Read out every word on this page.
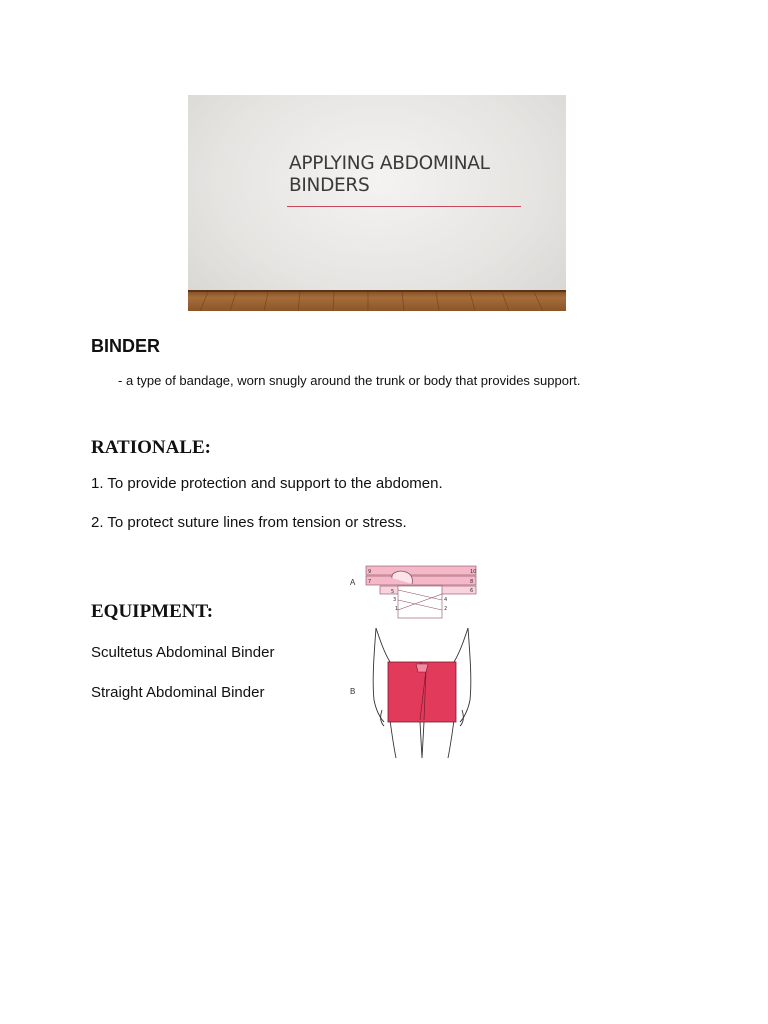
APPLYING ABDOMINAL
BINDERS
BINDER

- a type of bandage, worn snugly around the trunk or body that provides support.

RATIONALE:

1. To provide protection and support to the abdomen.

2. To protect suture lines from tension or stress.

EQUIPMENT:

Scultetus Abdominal Binder

Straight Abdominal Binder

A
B
9	10
7	8
5	6
3	4
1	2
